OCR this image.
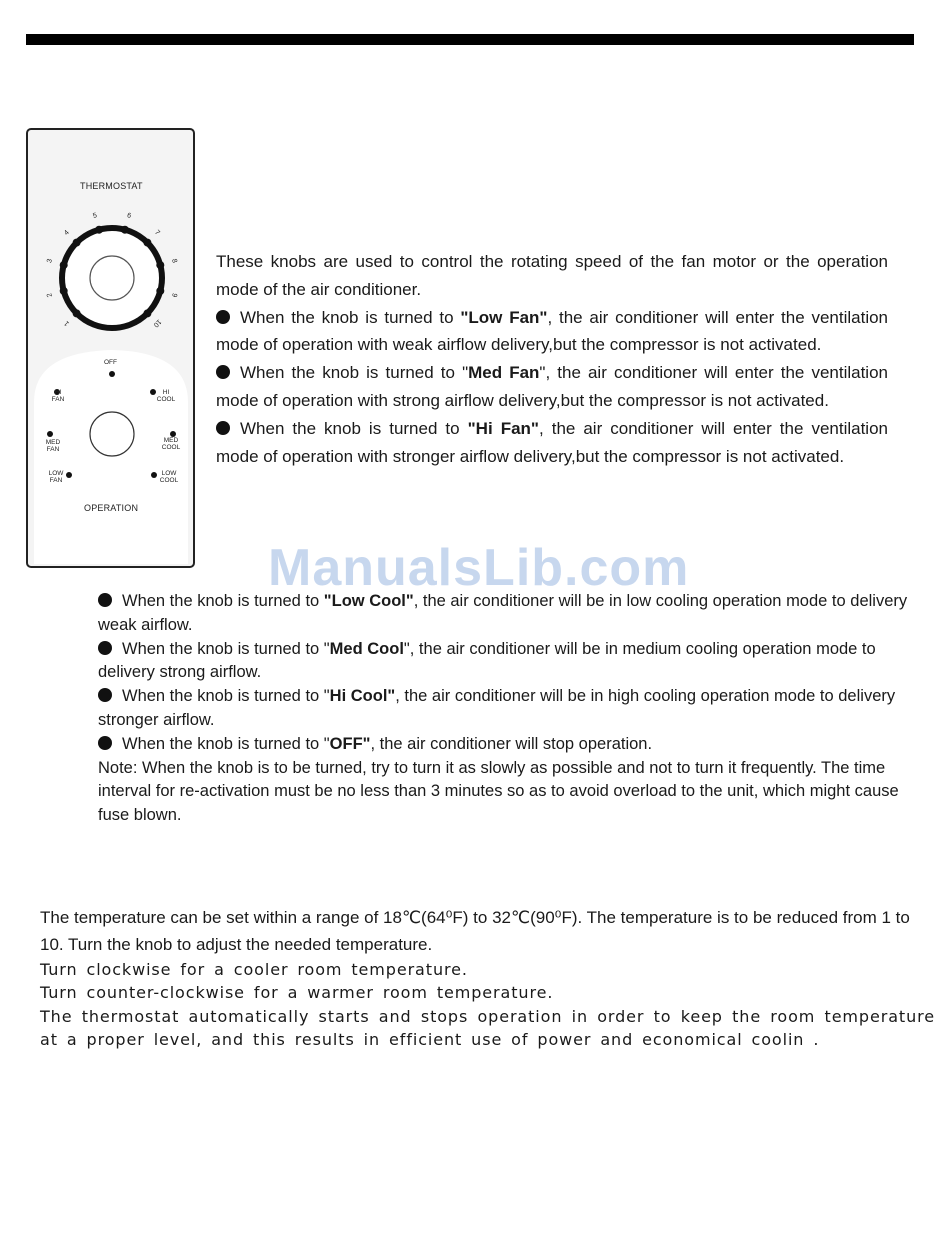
THERMOSTAT
1
2
3
4
5	6
7
8
9
10
OFF
HI FAN
HI COOL
MED FAN
MED COOL
LOW FAN
LOW COOL
OPERATION
ManualsLib.com

These knobs are used to control the rotating speed of the fan motor or the operation mode of the air conditioner.

When the knob is turned to "Low Fan", the air conditioner will enter the ventilation mode of operation with weak airflow delivery,but the compressor is not activated.

When the knob is turned to "Med Fan", the air conditioner will enter the ventilation mode of operation with strong airflow delivery,but the compressor is not activated.

When the knob is turned to "Hi Fan", the air conditioner will enter the ventilation mode of operation with stronger airflow delivery,but the compressor is not activated.

When the knob is turned to "Low Cool", the air conditioner will be in low cooling operation mode to delivery weak airflow.

When the knob is turned to "Med Cool", the air conditioner will be in medium cooling operation mode to delivery strong airflow.

When the knob is turned to "Hi Cool", the air conditioner will be in high cooling operation mode to delivery stronger airflow.

When the knob is turned to "OFF", the air conditioner will stop operation.

Note: When the knob is to be turned, try to turn it as slowly as possible and not to turn it frequently. The time interval for re-activation must be no less than 3 minutes so as to avoid overload to the unit, which might cause fuse blown.

The temperature can be set within a range of 18℃(64⁰F) to 32℃(90⁰F). The temperature is to be reduced from 1 to 10. Turn the knob to adjust the needed temperature.

Turn clockwise for a cooler room temperature.

Turn counter-clockwise for a warmer room temperature.

The thermostat automatically starts and stops operation in order to keep the room temperature at a proper level, and this results in efficient use of power and economical coolin .
